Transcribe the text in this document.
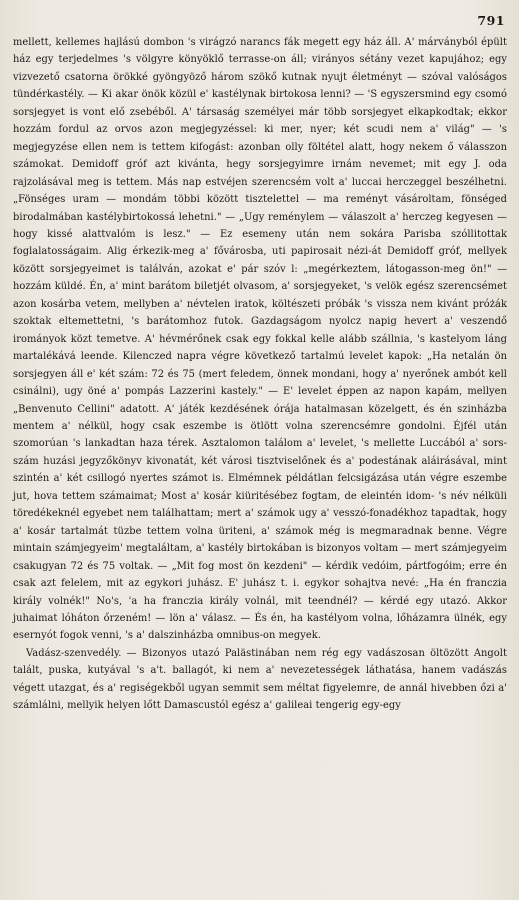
791

mellett, kellemes hajlású dombon 's virágzó narancs fák megett egy ház áll. A' márványból épült ház egy terjedelmes 's völgyre könyöklő terrasse-on áll; virányos sétány vezet kapujához; egy vizvezető csatorna örökké gyöngyöző három szökő kutnak nyujt életményt — szóval valóságos tündérkastély. — Ki akar önök közül e' kastélynak birtokosa lenni? — 'S egyszersmind egy csomó sorsjegyet is vont elő zsebéből. A' társaság személyei már több sorsjegyet elkapkodtak; ekkor hozzám fordul az orvos azon megjegyzéssel: ki mer, nyer; két scudi nem a' világ" — 's megjegyzése ellen nem is tettem kifogást: azonban olly föltétel alatt, hogy nekem ő válasszon számokat. Demidoff gróf azt kivánta, hegy sorsjegyimre irnám nevemet; mit egy J. oda rajzolásával meg is tettem. Más nap estvéjen szerencsém volt a' luccai herczeggel beszélhetni. „Fönséges uram — mondám többi között tisztelettel — ma reményt vásároltam, fönséged birodalmában kastélybirtokossá lehetni." — „Ugy reménylem — válaszolt a' herczeg kegyesen — hogy kissé alattvalóm is lesz." — Ez esemeny után nem sokára Parisba szóllitottak foglalatosságaim. Alig érkezik-meg a' fővárosba, uti papirosait nézi-át Demidoff gróf, mellyek között sorsjegyeimet is találván, azokat e' pár szóv l: „megérkeztem, látogasson-meg ön!" — hozzám küldé. Én, a' mint barátom biletjét olvasom, a' sorsjegyeket, 's velök egész szerencsémet azon kosárba vetem, mellyben a' névtelen iratok, költészeti próbák 's vissza nem kivánt próżák szoktak eltemettetni, 's barátomhoz futok. Gazdagságom nyolcz napig hevert a' veszendő irományok közt temetve. A' hévmérőnek csak egy fokkal kelle alább szállnia, 's kastelyom láng martalékává leende. Kilenczed napra végre következő tartalmú levelet kapok: „Ha netalán ön sorsjegyen áll e' két szám: 72 és 75 (mert feledem, önnek mondani, hogy a' nyerőnek ambót kell csinálni), ugy öné a' pompás Lazzerini kastely." — E' levelet éppen az napon kapám, mellyen „Benvenuto Cellini" adatott. A' játék kezdésének órája hatalmasan közelgett, és én szinházba mentem a' nélkül, hogy csak eszembe is ötlött volna szerencsémre gondolni. Éjfél után szomorúan 's lankadtan haza térek. Asztalomon találom a' levelet, 's mellette Luccából a' sors-szám huzási jegyzőkönyv kivonatát, két városi tisztviselőnek és a' podestának aláirásával, mint szintén a' két csillogó nyertes számot is. Elmémnek példátlan felcsigázása után végre eszembe jut, hova tettem számaimat; Most a' kosár kiüritésébez fogtam, de eleintén idom- 's név nélküli töredékeknél egyebet nem találhattam; mert a' számok ugy a' vesszó-fonadékhoz tapadtak, hogy a' kosár tartalmát tüzbe tettem volna üriteni, a' számok még is megmaradnak benne. Végre mintain számjegyeim' megtaláltam, a' kastély birtokában is bizonyos voltam — mert számjegyeim csakugyan 72 és 75 voltak. — „Mit fog most ön kezdeni" — kérdik vedóim, pártfogóim; erre én csak azt felelem, mit az egykori juhász. E' juhász t. i. egykor sohajtva nevé: „Ha én franczia király volnék!" No's, 'a ha franczia király volnál, mit teendnél? — kérdé egy utazó. Akkor juhaimat lóháton őrzeném! — lön a' válasz. — És én, ha kastélyom volna, lőházamra ülnék, egy esernyót fogok venni, 's a' dalszinházba omnibus-on megyek.

Vadász-szenvedély. — Bizonyos utazó Palästinában nem rég egy vadászosan öltözött Angolt talált, puska, kutyával 's a't. ballagót, ki nem a' nevezetességek láthatása, hanem vadászás végett utazgat, és a' regiségekből ugyan semmit sem méltat figyelemre, de annál hivebben őzi a' számlálni, mellyik helyen lőtt Damascustól egész a' galileai tengerig egy-egy
